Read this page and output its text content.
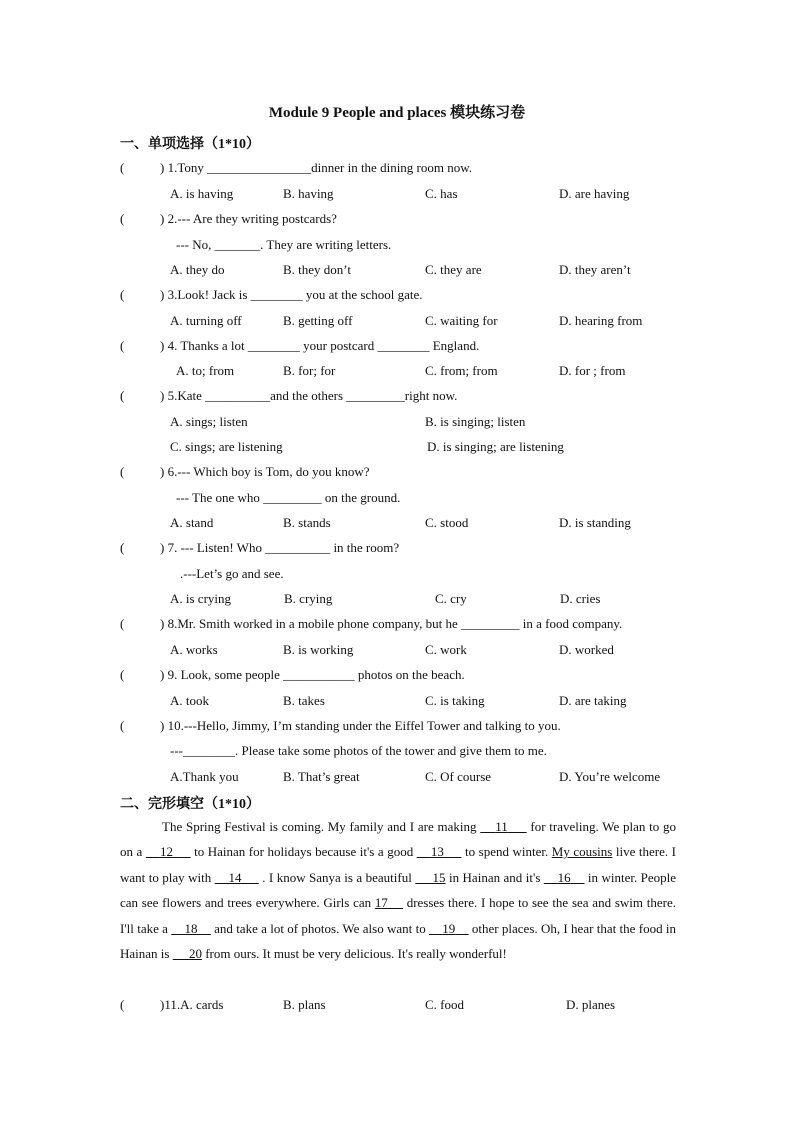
Module 9 People and places 模块练习卷
一、单项选择（1*10）
(	) 1.Tony ________________dinner in the dining room now.
A. is having	B. having	C. has	D. are having
(	) 2.--- Are they writing postcards?
--- No, _______. They are writing letters.
A. they do	B. they don’t	C. they are	D. they aren’t
(	) 3.Look! Jack is ________ you at the school gate.
A. turning off	B. getting off	C. waiting for	D. hearing from
(	) 4. Thanks a lot ________ your postcard ________ England.
A. to; from	B. for; for	C. from; from	D. for ; from
(	) 5.Kate __________and the others _________right now.
A. sings; listen	B. is singing; listen
C. sings; are listening	D. is singing; are listening
(	) 6.--- Which boy is Tom, do you know?
--- The one who _________ on the ground.
A. stand	B. stands	C. stood	D. is standing
(	) 7. --- Listen! Who __________ in the room?
.---Let’s go and see.
A. is crying	B. crying	C. cry	D. cries
(	) 8.Mr. Smith worked in a mobile phone company, but he _________ in a food company.
A. works	B. is working	C. work	D. worked
(	) 9. Look, some people ___________ photos on the beach.
A. took	B. takes	C. is taking	D. are taking
(	) 10.---Hello, Jimmy, I’m standing under the Eiffel Tower and talking to you.
---________. Please take some photos of the tower and give them to me.
A.Thank you	B. That’s great	C. Of course	D. You’re welcome
二、完形填空（1*10）
The Spring Festival is coming. My family and I are making     11      for traveling. We plan to go on a     12      to Hainan for holidays because it's a good     13      to spend winter. My cousins live there. I want to play with     14      . I know Sanya is a beautiful      15 in Hainan and it's     16     in winter. People can see flowers and trees everywhere. Girls can 17     dresses there. I hope to see the sea and swim there. I'll take a     18     and take a lot of photos. We also want to     19     other places. Oh, I hear that the food in Hainan is      20 from ours. It must be very delicious. It's really wonderful!
(	)11.A. cards	B. plans	C. food	D. planes
